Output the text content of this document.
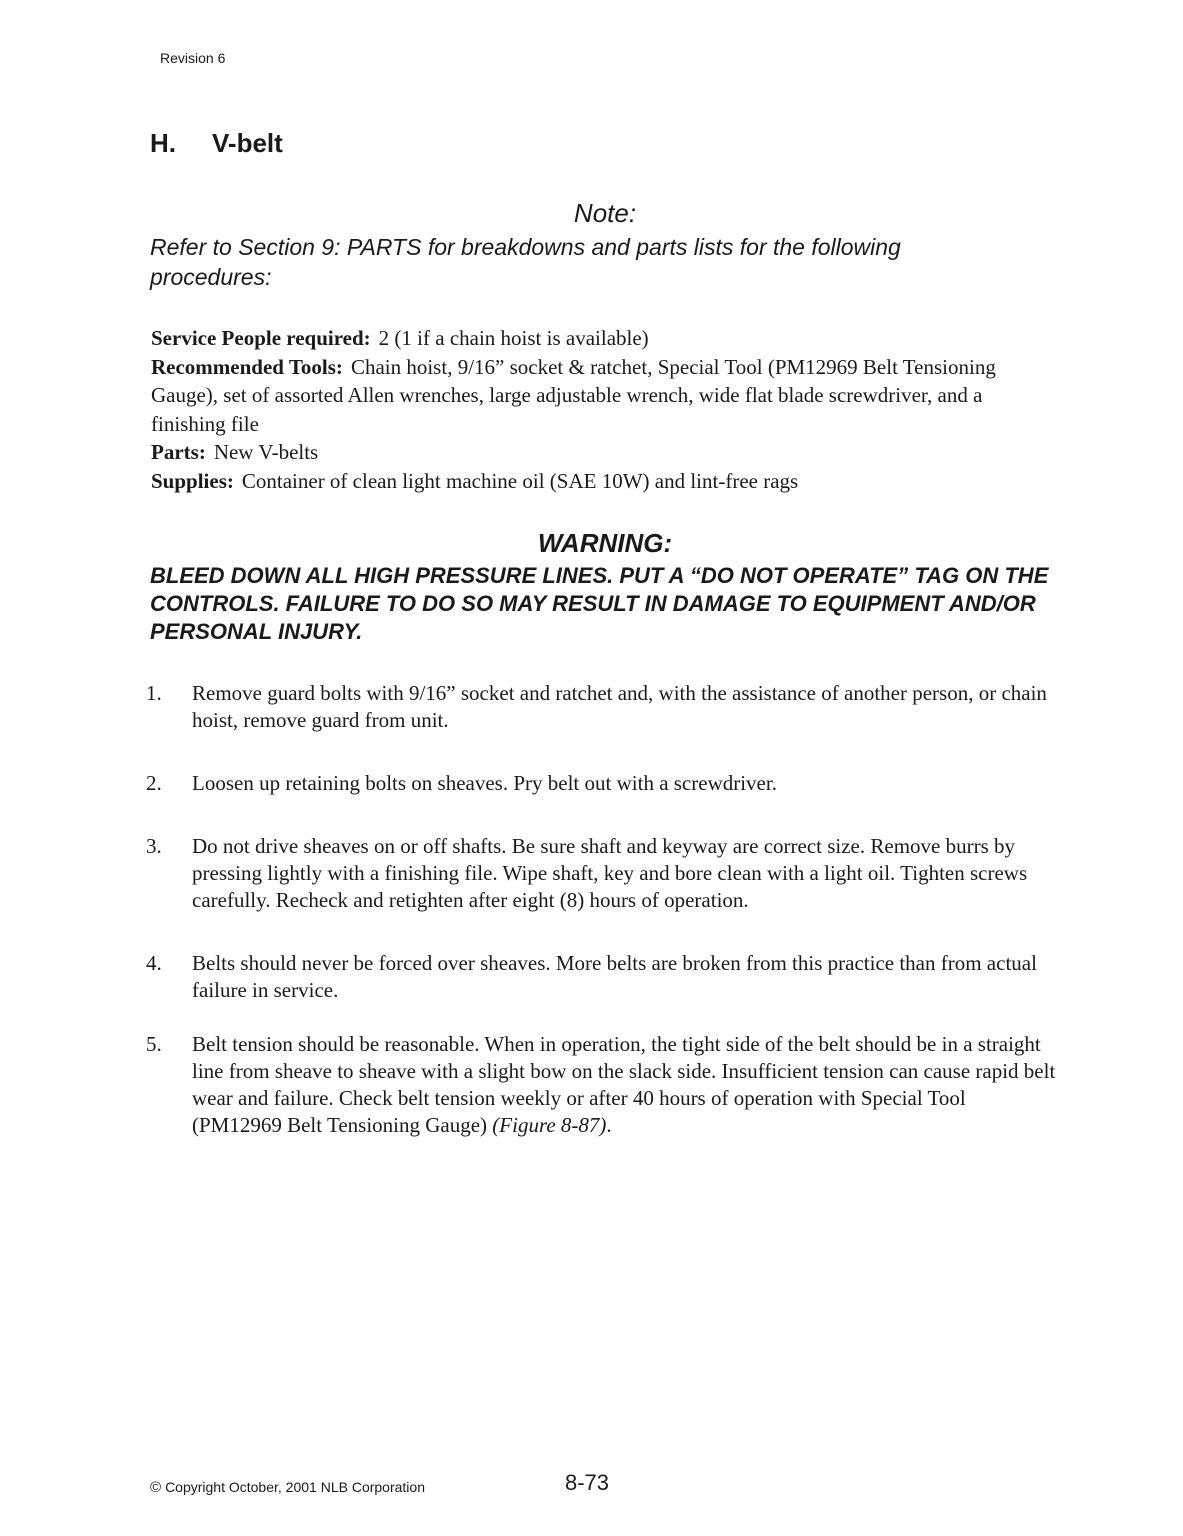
Revision 6
H. V-belt
Note:
Refer to Section 9: PARTS for breakdowns and parts lists for the following procedures:
Service People required: 2 (1 if a chain hoist is available)
Recommended Tools: Chain hoist, 9/16” socket & ratchet, Special Tool (PM12969 Belt Tensioning Gauge), set of assorted Allen wrenches, large adjustable wrench, wide flat blade screwdriver, and a finishing file
Parts: New V-belts
Supplies: Container of clean light machine oil (SAE 10W) and lint-free rags
WARNING:
BLEED DOWN ALL HIGH PRESSURE LINES. PUT A “DO NOT OPERATE” TAG ON THE CONTROLS. FAILURE TO DO SO MAY RESULT IN DAMAGE TO EQUIPMENT AND/OR PERSONAL INJURY.
1. Remove guard bolts with 9/16” socket and ratchet and, with the assistance of another person, or chain hoist, remove guard from unit.
2. Loosen up retaining bolts on sheaves. Pry belt out with a screwdriver.
3. Do not drive sheaves on or off shafts. Be sure shaft and keyway are correct size. Remove burrs by pressing lightly with a finishing file. Wipe shaft, key and bore clean with a light oil. Tighten screws carefully. Recheck and retighten after eight (8) hours of operation.
4. Belts should never be forced over sheaves. More belts are broken from this practice than from actual failure in service.
5. Belt tension should be reasonable. When in operation, the tight side of the belt should be in a straight line from sheave to sheave with a slight bow on the slack side. Insufficient tension can cause rapid belt wear and failure. Check belt tension weekly or after 40 hours of operation with Special Tool (PM12969 Belt Tensioning Gauge) (Figure 8-87).
© Copyright October, 2001 NLB Corporation	8-73
